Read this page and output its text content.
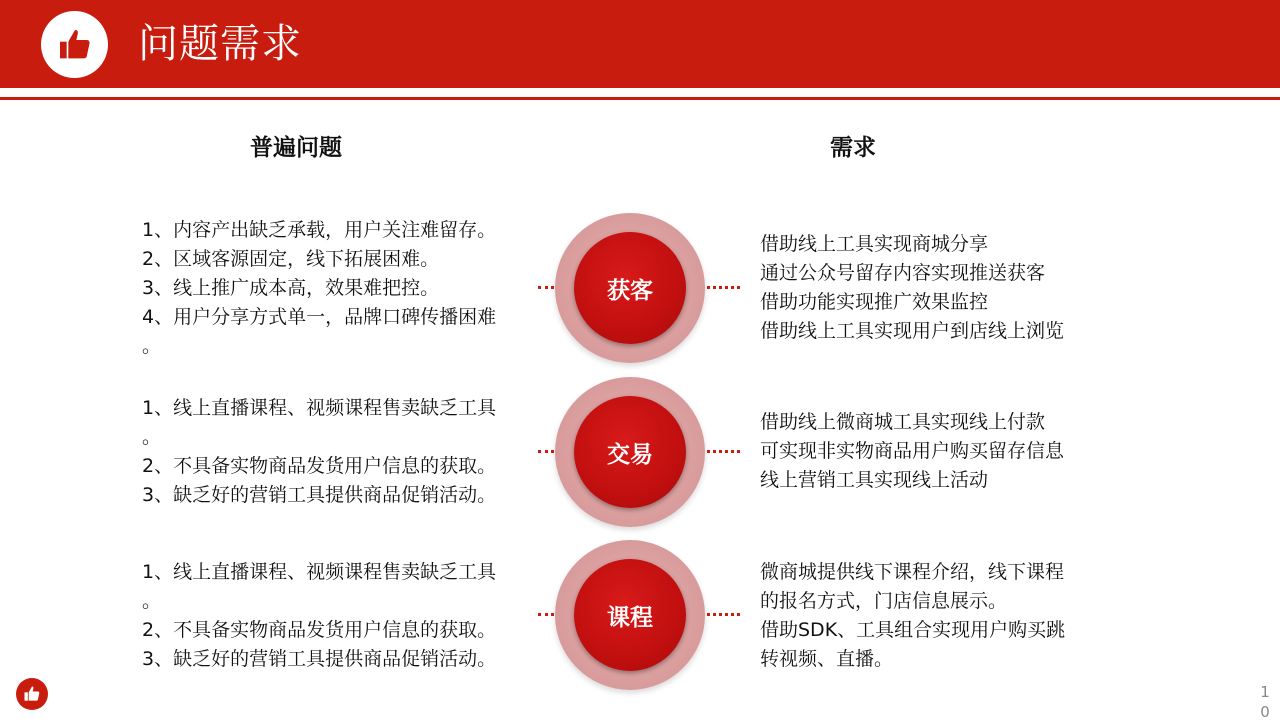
问题需求
普遍问题	需求

1、内容产出缺乏承载，用户关注难留存。

2、区域客源固定，线下拓展困难。

3、线上推广成本高，效果难把控。

4、用户分享方式单一，品牌口碑传播困难

。

获客

借助线上工具实现商城分享

通过公众号留存内容实现推送获客

借助功能实现推广效果监控

借助线上工具实现用户到店线上浏览

1、线上直播课程、视频课程售卖缺乏工具

。

2、不具备实物商品发货用户信息的获取。

3、缺乏好的营销工具提供商品促销活动。

交易

借助线上微商城工具实现线上付款

可实现非实物商品用户购买留存信息

线上营销工具实现线上活动

1、线上直播课程、视频课程售卖缺乏工具

。

2、不具备实物商品发货用户信息的获取。

3、缺乏好的营销工具提供商品促销活动。

课程

微商城提供线下课程介绍，线下课程

的报名方式，门店信息展示。

借助SDK、工具组合实现用户购买跳

转视频、直播。

10
